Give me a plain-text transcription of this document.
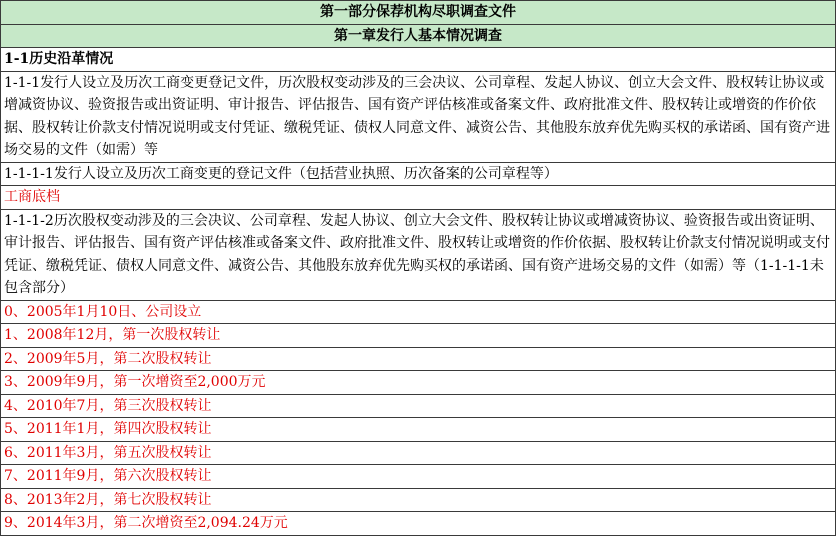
第一部分保荐机构尽职调查文件
第一章发行人基本情况调查
1-1历史沿革情况
1-1-1发行人设立及历次工商变更登记文件，历次股权变动涉及的三会决议、公司章程、发起人协议、创立大会文件、股权转让协议或增减资协议、验资报告或出资证明、审计报告、评估报告、国有资产评估核准或备案文件、政府批准文件、股权转让或增资的作价依据、股权转让价款支付情况说明或支付凭证、缴税凭证、债权人同意文件、减资公告、其他股东放弃优先购买权的承诺函、国有资产进场交易的文件（如需）等
1-1-1-1发行人设立及历次工商变更的登记文件（包括营业执照、历次备案的公司章程等）
工商底档
1-1-1-2历次股权变动涉及的三会决议、公司章程、发起人协议、创立大会文件、股权转让协议或增减资协议、验资报告或出资证明、审计报告、评估报告、国有资产评估核准或备案文件、政府批准文件、股权转让或增资的作价依据、股权转让价款支付情况说明或支付凭证、缴税凭证、债权人同意文件、减资公告、其他股东放弃优先购买权的承诺函、国有资产进场交易的文件（如需）等（1-1-1-1未包含部分）
0、2005年1月10日、公司设立
1、2008年12月，第一次股权转让
2、2009年5月，第二次股权转让
3、2009年9月，第一次增资至2,000万元
4、2010年7月，第三次股权转让
5、2011年1月，第四次股权转让
6、2011年3月，第五次股权转让
7、2011年9月，第六次股权转让
8、2013年2月，第七次股权转让
9、2014年3月，第二次增资至2,094.24万元
